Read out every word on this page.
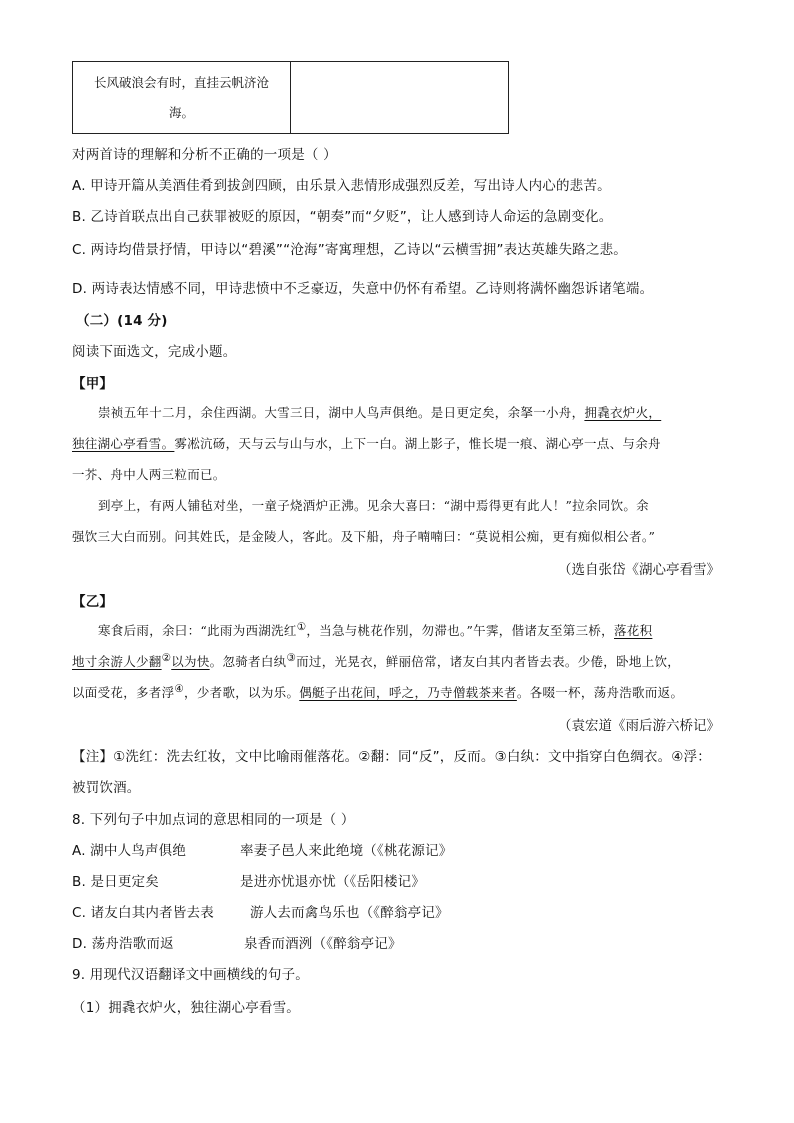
长风破浪会有时，直挂云帆济沧
海。

对两首诗的理解和分析不正确的一项是（ ）
A. 甲诗开篇从美酒佳肴到拔剑四顾，由乐景入悲情形成强烈反差，写出诗人内心的悲苦。
B. 乙诗首联点出自己获罪被贬的原因，“朝奏”而“夕贬”，让人感到诗人命运的急剧变化。
C. 两诗均借景抒情，甲诗以“碧溪”“沧海”寄寓理想，乙诗以“云横雪拥”表达英雄失路之悲。
D. 两诗表达情感不同，甲诗悲愤中不乏豪迈，失意中仍怀有希望。乙诗则将满怀幽怨诉诸笔端。
（二）(14 分)
阅读下面选文，完成小题。
【甲】
崇祯五年十二月，余住西湖。大雪三日，湖中人鸟声俱绝。是日更定矣，余拏一小舟，拥毳衣炉火，
独往湖心亭看雪。雾凇沆砀，天与云与山与水，上下一白。湖上影子，惟长堤一痕、湖心亭一点、与余舟
一芥、舟中人两三粒而已。
到亭上，有两人铺毡对坐，一童子烧酒炉正沸。见余大喜曰：“湖中焉得更有此人！”拉余同饮。余
强饮三大白而别。问其姓氏，是金陵人，客此。及下船，舟子喃喃曰：“莫说相公痴，更有痴似相公者。”
（选自张岱《湖心亭看雪》
【乙】
寒食后雨，余曰：“此雨为西湖洗红①，当急与桃花作别，勿滞也。”午霁，偕诸友至第三桥，落花积
地寸余游人少翻②以为快。忽骑者白纨③而过，光晃衣，鲜丽倍常，诸友白其内者皆去表。少倦，卧地上饮，
以面受花，多者浮④，少者歌，以为乐。偶艇子出花间，呼之，乃寺僧载茶来者。各啜一杯，荡舟浩歌而返。
（袁宏道《雨后游六桥记》
【注】①洗红：洗去红妆，文中比喻雨催落花。②翻：同“反”，反而。③白纨：文中指穿白色绸衣。④浮：
被罚饮酒。
8. 下列句子中加点词的意思相同的一项是（ ）
A. 湖中人鸟声俱绝	率妻子邑人来此绝境（《桃花源记》
B. 是日更定矣	是进亦忧退亦忧（《岳阳楼记》
C. 诸友白其内者皆去表	游人去而禽鸟乐也（《醉翁亭记》
D. 荡舟浩歌而返	泉香而酒洌（《醉翁亭记》
9. 用现代汉语翻译文中画横线的句子。
（1）拥毳衣炉火，独往湖心亭看雪。
